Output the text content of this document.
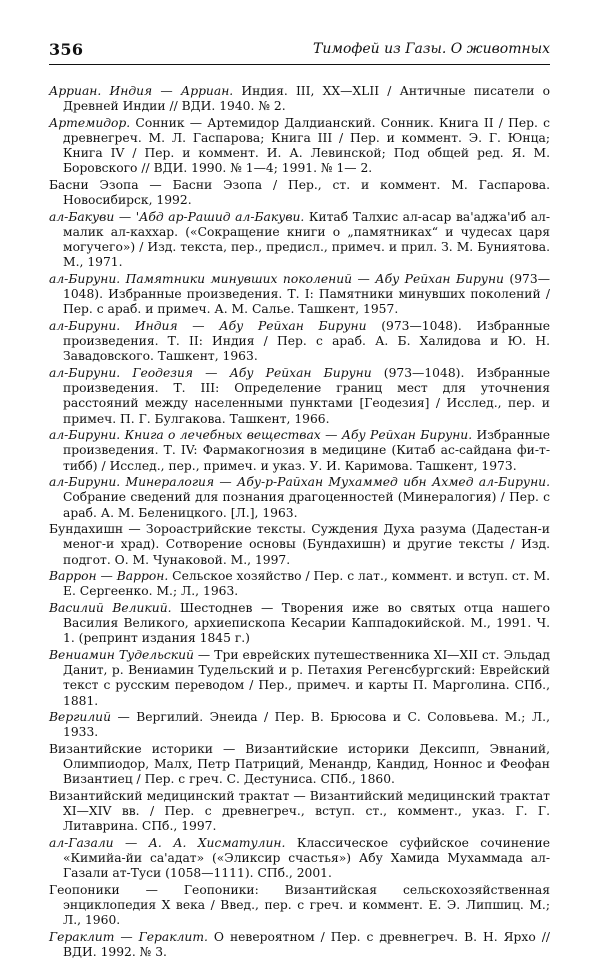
356	Тимофей из Газы. О животных

Арриан. Индия — Арриан. Индия. III, XX—XLII / Античные писатели о Древней Индии // ВДИ. 1940. № 2.

Артемидор. Сонник — Артемидор Далдианский. Сонник. Книга II / Пер. с древнегреч. М. Л. Гаспарова; Книга III / Пер. и коммент. Э. Г. Юнца; Книга IV / Пер. и коммент. И. А. Левинской; Под общей ред. Я. М. Боровского // ВДИ. 1990. № 1—4; 1991. № 1— 2.

Басни Эзопа — Басни Эзопа / Пер., ст. и коммент. М. Гаспарова. Новосибирск, 1992.

ал-Бакуви — 'Абд ар-Рашид ал-Бакуви. Китаб Талхис ал-асар ва'аджа'иб ал-малик ал-каххар. («Сокращение книги о „памятниках“ и чудесах царя могучего») / Изд. текста, пер., предисл., примеч. и прил. З. М. Буниятова. М., 1971.

ал-Бируни. Памятники минувших поколений — Абу Рейхан Бируни (973—1048). Избранные произведения. Т. I: Памятники минувших поколений / Пер. с араб. и примеч. А. М. Салье. Ташкент, 1957.

ал-Бируни. Индия — Абу Рейхан Бируни (973—1048). Избранные произведения. Т. II: Индия / Пер. с араб. А. Б. Халидова и Ю. Н. Завадовского. Ташкент, 1963.

ал-Бируни. Геодезия — Абу Рейхан Бируни (973—1048). Избранные произведения. Т. III: Определение границ мест для уточнения расстояний между населенными пунктами [Геодезия] / Исслед., пер. и примеч. П. Г. Булгакова. Ташкент, 1966.

ал-Бируни. Книга о лечебных веществах — Абу Рейхан Бируни. Избранные произведения. Т. IV: Фармакогнозия в медицине (Китаб ас-сайдана фи-т-тибб) / Исслед., пер., примеч. и указ. У. И. Каримова. Ташкент, 1973.

ал-Бируни. Минералогия — Абу-р-Райхан Мухаммед ибн Ахмед ал-Бируни. Собрание сведений для познания драгоценностей (Минералогия) / Пер. с араб. А. М. Беленицкого. [Л.], 1963.

Бундахишн — Зороастрийские тексты. Суждения Духа разума (Дадестан-и меног-и храд). Сотворение основы (Бундахишн) и другие тексты / Изд. подгот. О. М. Чунаковой. М., 1997.

Варрон — Варрон. Сельское хозяйство / Пер. с лат., коммент. и вступ. ст. М. Е. Сергеенко. М.; Л., 1963.

Василий Великий. Шестоднев — Творения иже во святых отца нашего Василия Великого, архиепископа Кесарии Каппадокийской. М., 1991. Ч. 1. (репринт издания 1845 г.)

Вениамин Тудельский — Три еврейских путешественника XI—XII ст. Эльдад Данит, р. Вениамин Тудельский и р. Петахия Регенсбургский: Еврейский текст с русским переводом / Пер., примеч. и карты П. Марголина. СПб., 1881.

Вергилий — Вергилий. Энеида / Пер. В. Брюсова и С. Соловьева. М.; Л., 1933.

Византийские историки — Византийские историки Дексипп, Эвнаний, Олимпиодор, Малх, Петр Патриций, Менандр, Кандид, Ноннос и Феофан Византиец / Пер. с греч. С. Дестуниса. СПб., 1860.

Византийский медицинский трактат — Византийский медицинский трактат XI—XIV вв. / Пер. с древнегреч., вступ. ст., коммент., указ. Г. Г. Литаврина. СПб., 1997.

ал-Газали — А. А. Хисматулин. Классическое суфийское сочинение «Кимийа-йи са'адат» («Эликсир счастья») Абу Хамида Мухаммада ал-Газали ат-Туси (1058—1111). СПб., 2001.

Геопоники — Геопоники: Византийская сельскохозяйственная энциклопедия X века / Введ., пер. с греч. и коммент. Е. Э. Липшиц. М.; Л., 1960.

Гераклит — Гераклит. О невероятном / Пер. с древнегреч. В. Н. Ярхо // ВДИ. 1992. № 3.
